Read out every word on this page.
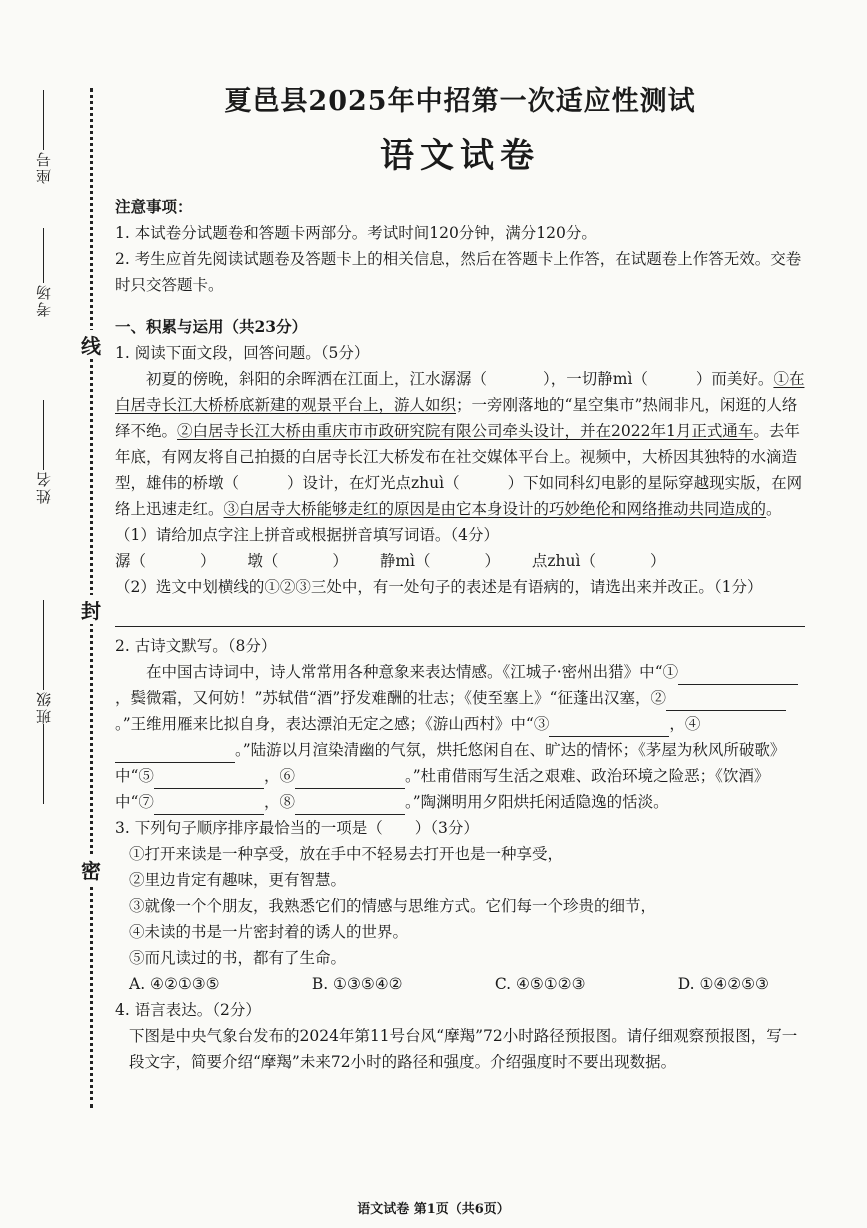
座号
考场
姓名
班级
线
封
密
夏邑县2025年中招第一次适应性测试
语文试卷

注意事项：

1. 本试卷分试题卷和答题卡两部分。考试时间120分钟，满分120分。

2. 考生应首先阅读试题卷及答题卡上的相关信息，然后在答题卡上作答，在试题卷上作答无效。交卷时只交答题卡。

一、积累与运用（共23分）

1. 阅读下面文段，回答问题。（5分）

初夏的傍晚，斜阳的余晖洒在江面上，江水潺潺（	），一切静mì（	）而美好。①在白居寺长江大桥桥底新建的观景平台上，游人如织；一旁刚落地的“星空集市”热闹非凡，闲逛的人络绎不绝。②白居寺长江大桥由重庆市市政研究院有限公司牵头设计，并在2022年1月正式通车。去年年底，有网友将自己拍摄的白居寺长江大桥发布在社交媒体平台上。视频中，大桥因其独特的水滴造型，雄伟的桥墩（	）设计，在灯光点zhuì（	）下如同科幻电影的星际穿越现实版，在网络上迅速走红。③白居寺大桥能够走红的原因是由它本身设计的巧妙绝伦和网络推动共同造成的。

（1）请给加点字注上拼音或根据拼音填写词语。（4分）

潺（	） 墩（	） 静mì（	） 点zhuì（	）

（2）选文中划横线的①②③三处中，有一处句子的表述是有语病的，请选出来并改正。（1分）

2. 古诗文默写。（8分）

在中国古诗词中，诗人常常用各种意象来表达情感。《江城子·密州出猎》中“①，鬓微霜，又何妨！”苏轼借“酒”抒发难酬的壮志；《使至塞上》“征蓬出汉塞，②。”王维用雁来比拟自身，表达漂泊无定之感；《游山西村》中“③	，④。”陆游以月渲染清幽的气氛，烘托悠闲自在、旷达的情怀；《茅屋为秋风所破歌》中“⑤	，⑥	。”杜甫借雨写生活之艰难、政治环境之险恶；《饮酒》中“⑦	，⑧	。”陶渊明用夕阳烘托闲适隐逸的恬淡。

3. 下列句子顺序排序最恰当的一项是（ ）（3分）

①打开来读是一种享受，放在手中不轻易去打开也是一种享受，

②里边肯定有趣味，更有智慧。

③就像一个个朋友，我熟悉它们的情感与思维方式。它们每一个珍贵的细节，

④未读的书是一片密封着的诱人的世界。

⑤而凡读过的书，都有了生命。

A. ④②①③⑤	B. ①③⑤④②	C. ④⑤①②③	D. ①④②⑤③

4. 语言表达。（2分）

下图是中央气象台发布的2024年第11号台风“摩羯”72小时路径预报图。请仔细观察预报图，写一段文字，简要介绍“摩羯”未来72小时的路径和强度。介绍强度时不要出现数据。

语文试卷 第1页（共6页）
